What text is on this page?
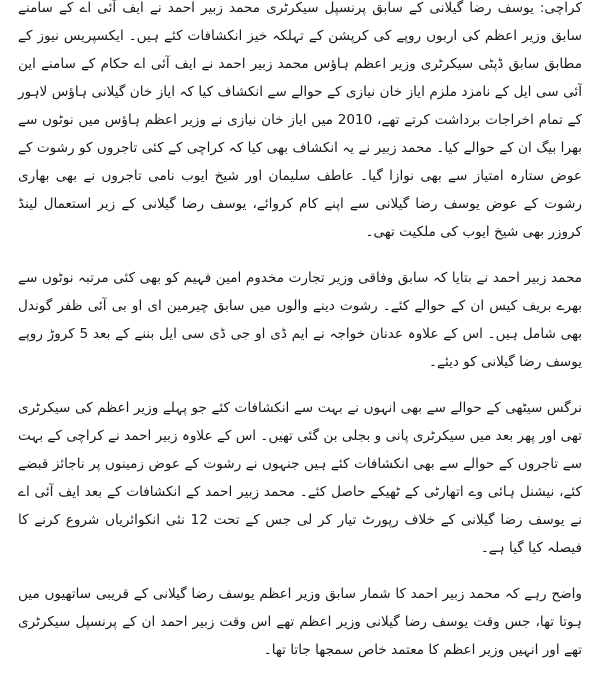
کراچی: یوسف رضا گیلانی کے سابق پرنسپل سیکرٹری محمد زبیر احمد نے ایف آئی اے کے سامنے سابق وزیر اعظم کی اربوں روپے کی کرپشن کے تہلکہ خیز انکشافات کئے ہیں۔ ایکسپریس نیوز کے مطابق سابق ڈپٹی سیکرٹری وزیر اعظم ہاؤس محمد زبیر احمد نے ایف آئی اے حکام کے سامنے این آئی سی ایل کے نامزد ملزم ایاز خان نیازی کے حوالے سے انکشاف کیا کہ ایاز خان گیلانی ہاؤس لاہور کے تمام اخراجات برداشت کرتے تھے، 2010 میں ایاز خان نیازی نے وزیر اعظم ہاؤس میں نوٹوں سے بھرا بیگ ان کے حوالے کیا۔ محمد زبیر نے یہ انکشاف بھی کیا کہ کراچی کے کئی تاجروں کو رشوت کے عوض ستارہ امتیاز سے بھی نوازا گیا۔ عاطف سلیمان اور شیخ ایوب نامی تاجروں نے بھی بھاری رشوت کے عوض یوسف رضا گیلانی سے اپنے کام کروائے، یوسف رضا گیلانی کے زیر استعمال لینڈ کروزر بھی شیخ ایوب کی ملکیت تھی۔

محمد زبیر احمد نے بتایا کہ سابق وفاقی وزیر تجارت مخدوم امین فہیم کو بھی کئی مرتبہ نوٹوں سے بھرے بریف کیس ان کے حوالے کئے۔ رشوت دینے والوں میں سابق چیرمین ای او بی آئی ظفر گوندل بھی شامل ہیں۔ اس کے علاوہ عدنان خواجہ نے ایم ڈی او جی ڈی سی ایل بننے کے بعد 5 کروڑ روپے یوسف رضا گیلانی کو دیئے۔

نرگس سیٹھی کے حوالے سے بھی انہوں نے بہت سے انکشافات کئے جو پہلے وزیر اعظم کی سیکرٹری تھی اور پھر بعد میں سیکرٹری پانی و بجلی بن گئی تھیں۔ اس کے علاوہ زبیر احمد نے کراچی کے بہت سے تاجروں کے حوالے سے بھی انکشافات کئے ہیں جنہوں نے رشوت کے عوض زمینوں پر ناجائز قبضے کئے، نیشنل ہائی وے اتھارٹی کے ٹھیکے حاصل کئے۔ محمد زبیر احمد کے انکشافات کے بعد ایف آئی اے نے یوسف رضا گیلانی کے خلاف رپورٹ تیار کر لی جس کے تحت 12 نئی انکوائریاں شروع کرنے کا فیصلہ کیا گیا ہے۔

واضح رہے کہ محمد زبیر احمد کا شمار سابق وزیر اعظم یوسف رضا گیلانی کے قریبی ساتھیوں میں ہوتا تھا، جس وقت یوسف رضا گیلانی وزیر اعظم تھے اس وقت زبیر احمد ان کے پرنسپل سیکرٹری تھے اور انہیں وزیر اعظم کا معتمد خاص سمجھا جاتا تھا۔
